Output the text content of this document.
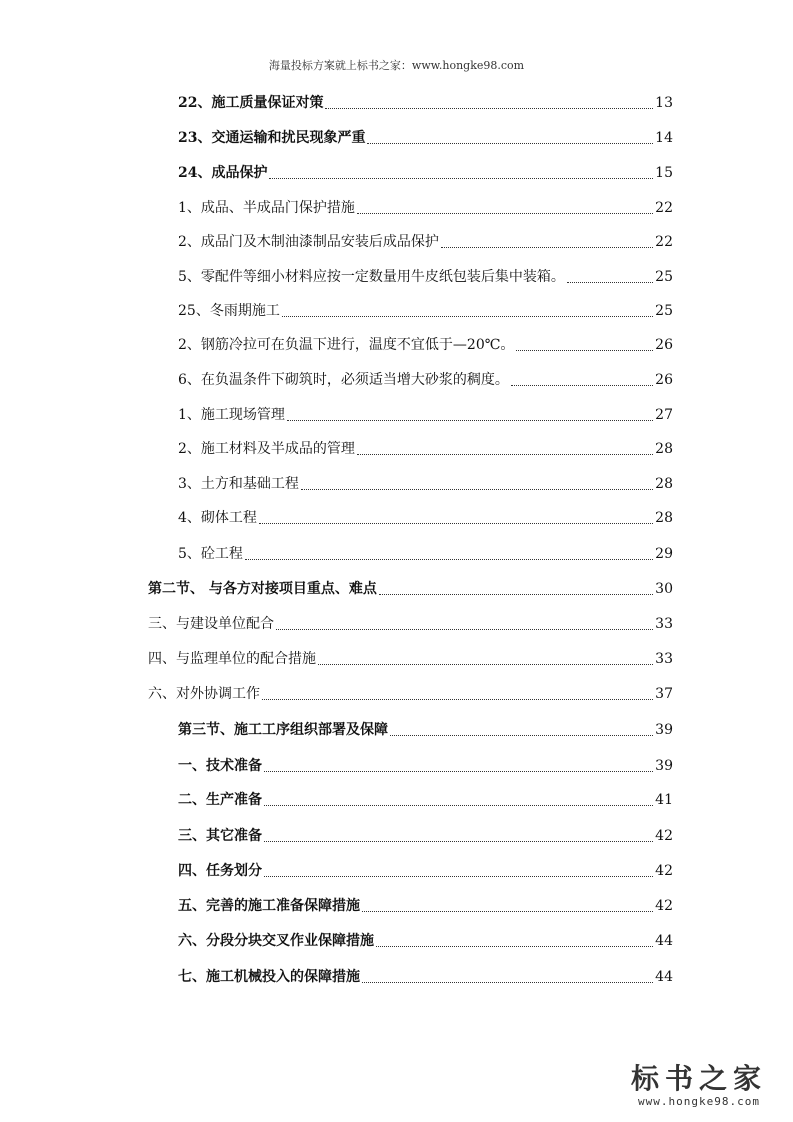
海量投标方案就上标书之家：www.hongke98.com
22、施工质量保证对策	13
23、交通运输和扰民现象严重	14
24、成品保护	15
1、成品、半成品门保护措施	22
2、成品门及木制油漆制品安装后成品保护	22
5、零配件等细小材料应按一定数量用牛皮纸包装后集中装箱。	25
25、冬雨期施工	25
2、钢筋冷拉可在负温下进行，温度不宜低于—20℃。	26
6、在负温条件下砌筑时，必须适当增大砂浆的稠度。	26
1、施工现场管理	27
2、施工材料及半成品的管理	28
3、土方和基础工程	28
4、砌体工程	28
5、砼工程	29
第二节、 与各方对接项目重点、难点	30
三、与建设单位配合	33
四、与监理单位的配合措施	33
六、对外协调工作	37
第三节、施工工序组织部署及保障	39
一、技术准备	39
二、生产准备	41
三、其它准备	42
四、任务划分	42
五、完善的施工准备保障措施	42
六、分段分块交叉作业保障措施	44
七、施工机械投入的保障措施	44
标书之家
www.hongke98.com
